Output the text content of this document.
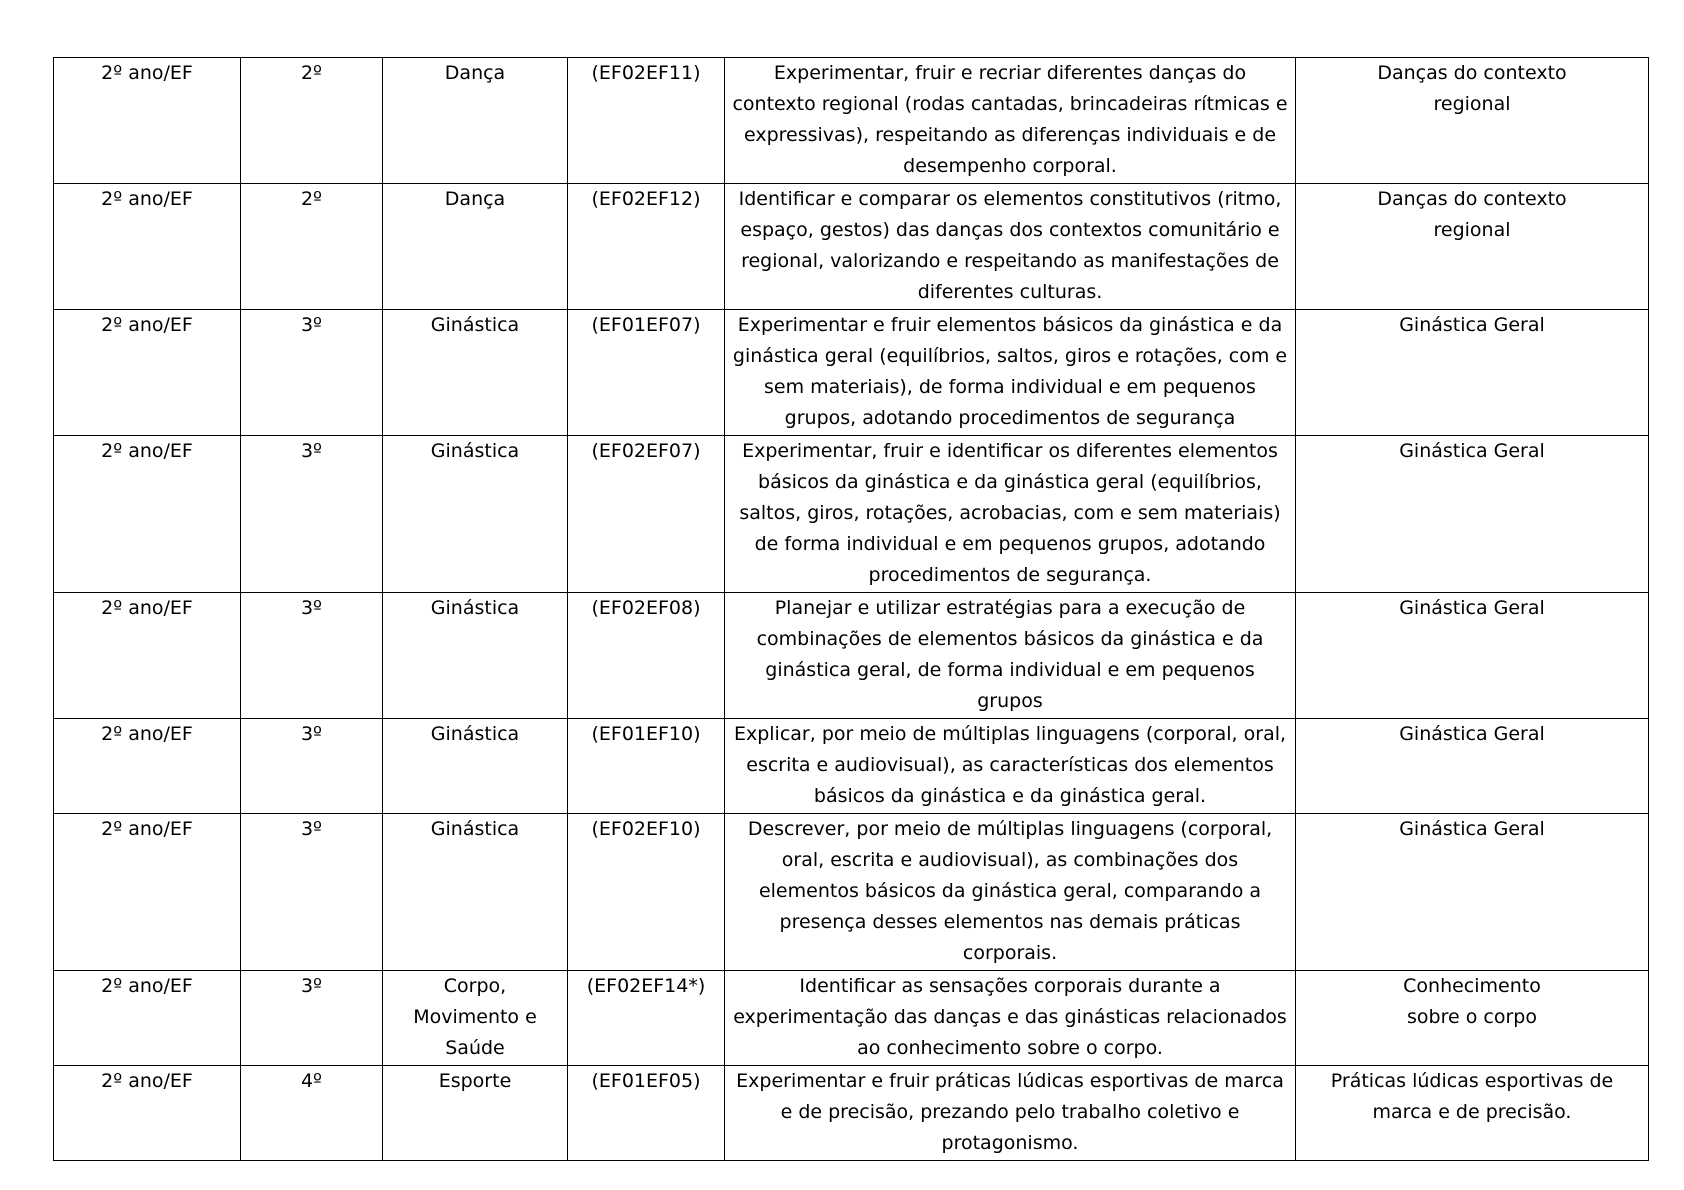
2º ano/EF	2º	Dança	(EF02EF11)	Experimentar, fruir e recriar diferentes danças do contexto regional (rodas cantadas, brincadeiras rítmicas e expressivas), respeitando as diferenças individuais e de desempenho corporal.	Danças do contexto regional
2º ano/EF	2º	Dança	(EF02EF12)	Identificar e comparar os elementos constitutivos (ritmo, espaço, gestos) das danças dos contextos comunitário e regional, valorizando e respeitando as manifestações de diferentes culturas.	Danças do contexto regional
2º ano/EF	3º	Ginástica	(EF01EF07)	Experimentar e fruir elementos básicos da ginástica e da ginástica geral (equilíbrios, saltos, giros e rotações, com e sem materiais), de forma individual e em pequenos grupos, adotando procedimentos de segurança	Ginástica Geral
2º ano/EF	3º	Ginástica	(EF02EF07)	Experimentar, fruir e identificar os diferentes elementos básicos da ginástica e da ginástica geral (equilíbrios, saltos, giros, rotações, acrobacias, com e sem materiais) de forma individual e em pequenos grupos, adotando procedimentos de segurança.	Ginástica Geral
2º ano/EF	3º	Ginástica	(EF02EF08)	Planejar e utilizar estratégias para a execução de combinações de elementos básicos da ginástica e da ginástica geral, de forma individual e em pequenos grupos	Ginástica Geral
2º ano/EF	3º	Ginástica	(EF01EF10)	Explicar, por meio de múltiplas linguagens (corporal, oral, escrita e audiovisual), as características dos elementos básicos da ginástica e da ginástica geral.	Ginástica Geral
2º ano/EF	3º	Ginástica	(EF02EF10)	Descrever, por meio de múltiplas linguagens (corporal, oral, escrita e audiovisual), as combinações dos elementos básicos da ginástica geral, comparando a presença desses elementos nas demais práticas corporais.	Ginástica Geral
2º ano/EF	3º	Corpo, Movimento e Saúde	(EF02EF14*)	Identificar as sensações corporais durante a experimentação das danças e das ginásticas relacionados ao conhecimento sobre o corpo.	Conhecimento sobre o corpo
2º ano/EF	4º	Esporte	(EF01EF05)	Experimentar e fruir práticas lúdicas esportivas de marca e de precisão, prezando pelo trabalho coletivo e protagonismo.	Práticas lúdicas esportivas de marca e de precisão.
